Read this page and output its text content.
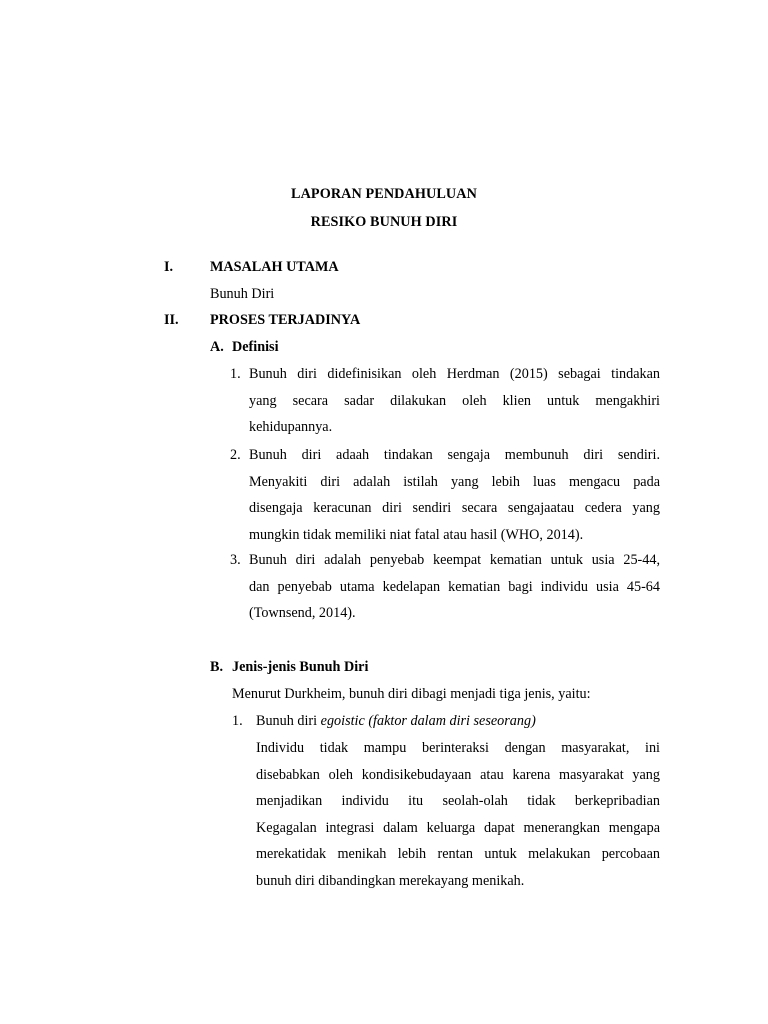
LAPORAN PENDAHULUAN
RESIKO BUNUH DIRI
I.	MASALAH UTAMA
Bunuh Diri
II. PROSES TERJADINYA
A. Definisi
1. Bunuh diri didefinisikan oleh Herdman (2015) sebagai tindakan
yang secara sadar dilakukan oleh klien untuk mengakhiri
kehidupannya.
2. Bunuh diri adaah tindakan sengaja membunuh diri sendiri.
Menyakiti diri adalah istilah yang lebih luas mengacu pada
disengaja keracunan diri sendiri secara sengajaatau cedera yang
mungkin tidak memiliki niat fatal atau hasil (WHO, 2014).
3. Bunuh diri adalah penyebab keempat kematian untuk usia 25-44,
dan penyebab utama kedelapan kematian bagi individu usia 45-64
(Townsend, 2014).
B. Jenis-jenis Bunuh Diri
Menurut Durkheim, bunuh diri dibagi menjadi tiga jenis, yaitu:
1. Bunuh diri egoistic (faktor dalam diri seseorang)
Individu tidak mampu berinteraksi dengan masyarakat, ini
disebabkan oleh kondisikebudayaan atau karena masyarakat yang
menjadikan individu itu seolah-olah tidak berkepribadian
Kegagalan integrasi dalam keluarga dapat menerangkan mengapa
merekatidak menikah lebih rentan untuk melakukan percobaan
bunuh diri dibandingkan merekayang menikah.
